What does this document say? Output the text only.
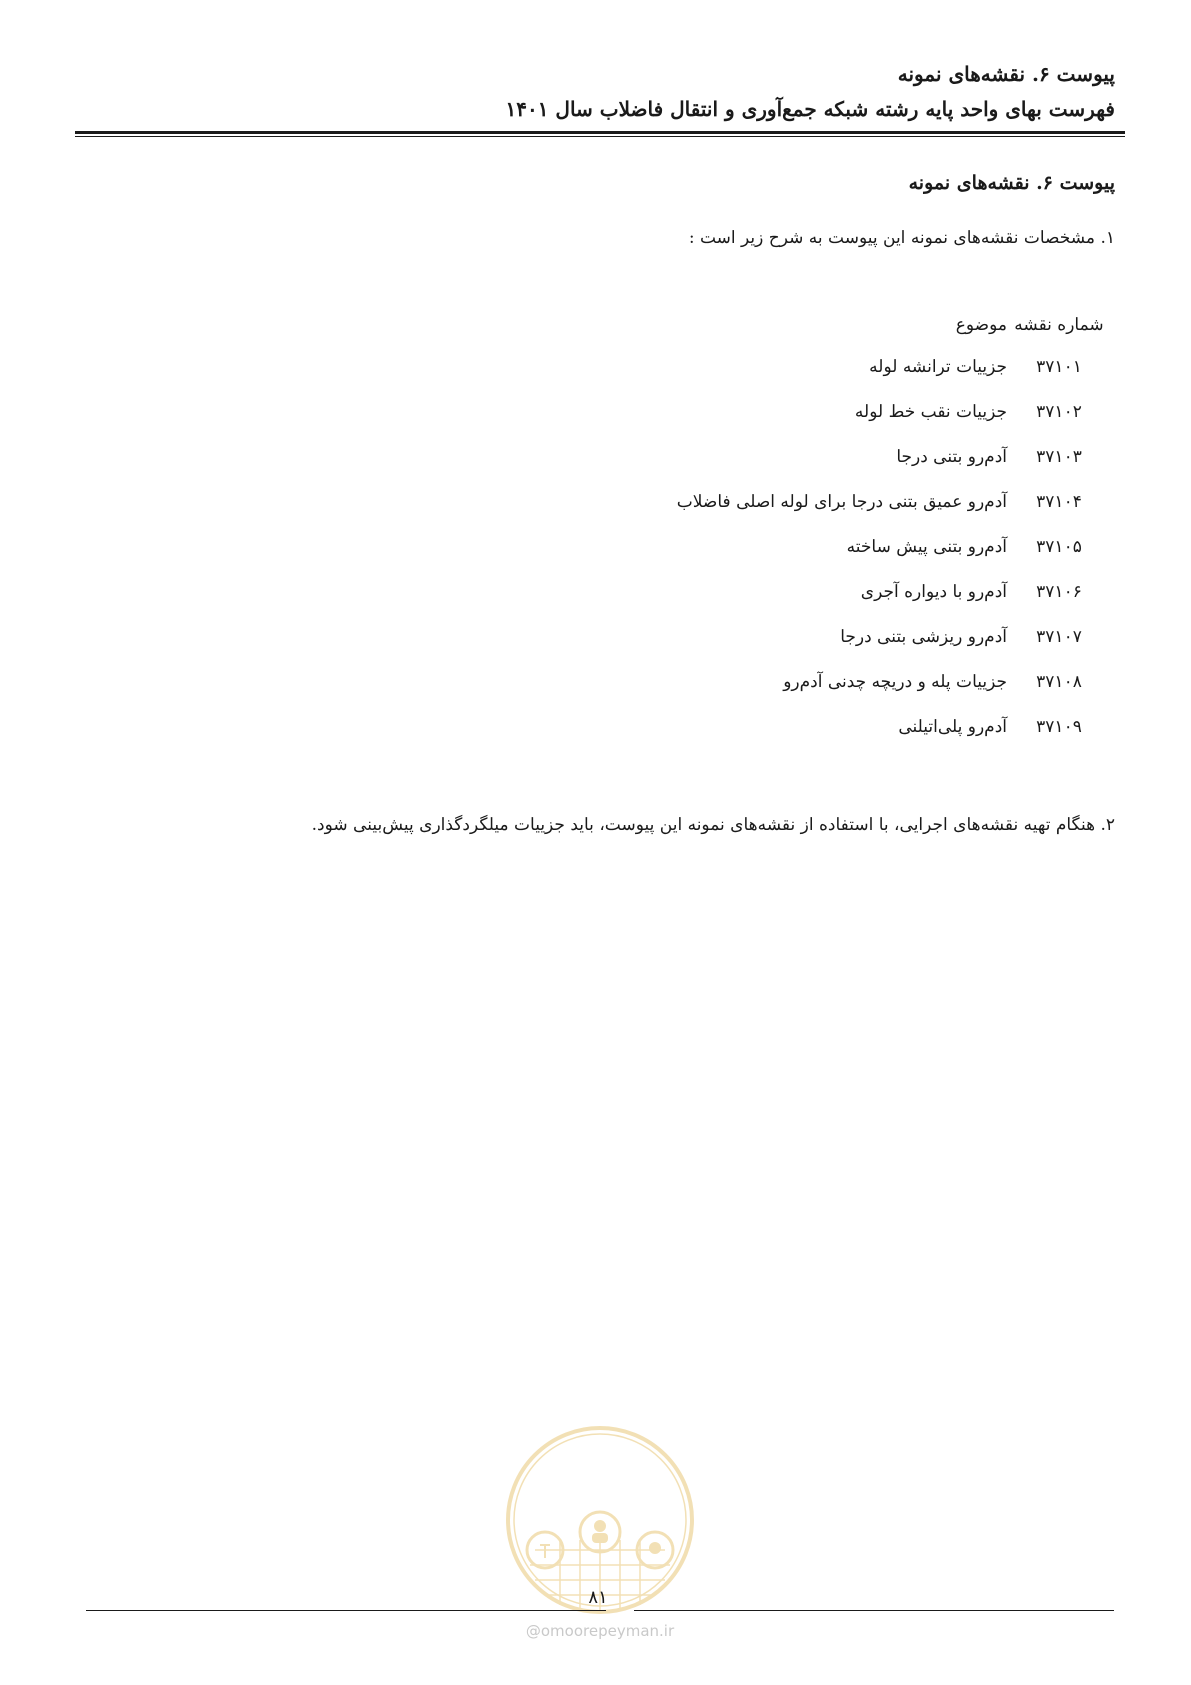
پیوست ۶. نقشه‌های نمونه
فهرست بهای واحد پایه رشته شبکه جمع‌آوری و انتقال فاضلاب سال ۱۴۰۱
پیوست ۶. نقشه‌های نمونه
۱. مشخصات نقشه‌های نمونه این پیوست به شرح زیر است :
شماره نقشه
موضوع
۳۷۱۰۱
جزییات ترانشه لوله
۳۷۱۰۲
جزییات نقب خط لوله
۳۷۱۰۳
آدم‌رو بتنی درجا
۳۷۱۰۴
آدم‌رو عمیق بتنی درجا برای لوله اصلی فاضلاب
۳۷۱۰۵
آدم‌رو بتنی پیش ساخته
۳۷۱۰۶
آدم‌رو با دیواره آجری
۳۷۱۰۷
آدم‌رو ریزشی بتنی درجا
۳۷۱۰۸
جزییات پله و دریچه چدنی آدم‌رو
۳۷۱۰۹
آدم‌رو پلی‌اتیلنی
۲. هنگام تهیه نقشه‌های اجرایی، با استفاده از نقشه‌های نمونه این پیوست، باید جزییات میلگردگذاری پیش‌بینی شود.
@omoorepeyman.ir
۸۱
